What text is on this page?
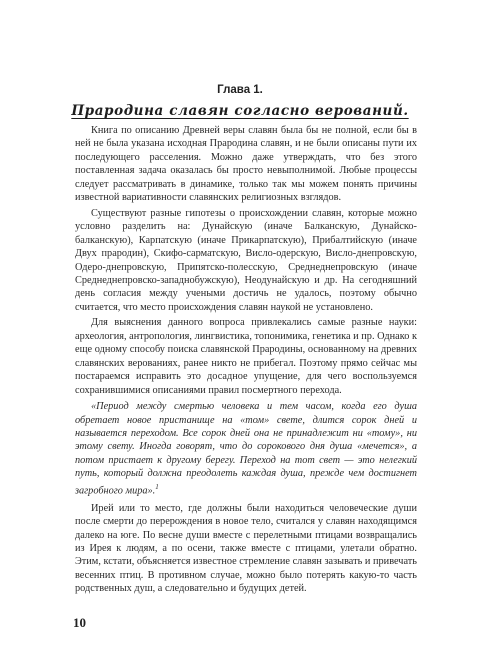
Глава 1.
Прародина славян согласно верований.

Книга по описанию Древней веры славян была бы не полной, если бы в ней не была указана исходная Прародина славян, и не были описаны пути их последующего расселения. Можно даже утверждать, что без этого поставленная задача оказалась бы просто невыполнимой. Любые процессы следует рассматривать в динамике, только так мы можем понять причины известной вариативности славянских религиозных взглядов.

Существуют разные гипотезы о происхождении славян, которые можно условно разделить на: Дунайскую (иначе Балканскую, Дунайско-балканскую), Карпатскую (иначе Прикарпатскую), Прибалтийскую (иначе Двух прародин), Скифо-сарматскую, Висло-одерскую, Висло-днепровскую, Одеро-днепровскую, Припятско-полесскую, Среднеднепровскую (иначе Среднеднепровско-западнобужскую), Неодунайскую и др. На сегодняшний день согласия между учеными достичь не удалось, поэтому обычно считается, что место происхождения славян наукой не установлено.

Для выяснения данного вопроса привлекались самые разные науки: археология, антропология, лингвистика, топонимика, генетика и пр. Однако к еще одному способу поиска славянской Прародины, основанному на древних славянских верованиях, ранее никто не прибегал. Поэтому прямо сейчас мы постараемся исправить это досадное упущение, для чего воспользуемся сохранившимися описаниями правил посмертного перехода.

«Период между смертью человека и тем часом, когда его душа обретает новое пристанище на «том» свете, длится сорок дней и называется переходом. Все сорок дней она не принадлежит ни «тому», ни этому свету. Иногда говорят, что до сорокового дня душа «мечется», а потом пристает к другому берегу. Переход на тот свет — это нелегкий путь, который должна преодолеть каждая душа, прежде чем достигнет загробного мира».$^1$

Ирей или то место, где должны были находиться человеческие души после смерти до перерождения в новое тело, считался у славян находящимся далеко на юге. По весне души вместе с перелетными птицами возвращались из Ирея к людям, а по осени, также вместе с птицами, улетали обратно. Этим, кстати, объясняется известное стремление славян зазывать и привечать весенних птиц. В противном случае, можно было потерять какую-то часть родственных душ, а следовательно и будущих детей.

10
